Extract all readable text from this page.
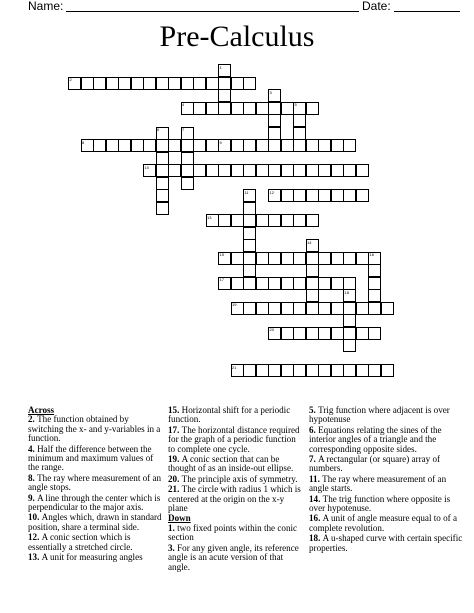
Name:	Date:
Pre-Calculus
1
2
3
4	5
6	7
8	9
10
11	12
13
14
15	16
17
18
19
20
21
Across
2. The function obtained by switching the x- and y-variables in a function.
4. Half the difference between the minimum and maximum values of the range.
8. The ray where measurement of an angle stops.
9. A line through the center which is perpendicular to the major axis.
10. Angles which, drawn in standard position, share a terminal side.
12. A conic section which is essentially a stretched circle.
13. A unit for measuring angles
15. Horizontal shift for a periodic function.
17. The horizontal distance required for the graph of a periodic function to complete one cycle.
19. A conic section that can be thought of as an inside-out ellipse.
20. The principle axis of symmetry.
21. The circle with radius 1 which is centered at the origin on the x-y plane
Down
1. two fixed points within the conic section
3. For any given angle, its reference angle is an acute version of that angle.
5. Trig function where adjacent is over hypotenuse
6. Equations relating the sines of the interior angles of a triangle and the corresponding opposite sides.
7. A rectangular (or square) array of numbers.
11. The ray where measurement of an angle starts.
14. The trig function where opposite is over hypotenuse.
16. A unit of angle measure equal to of a complete revolution.
18. A u-shaped curve with certain specific properties.
